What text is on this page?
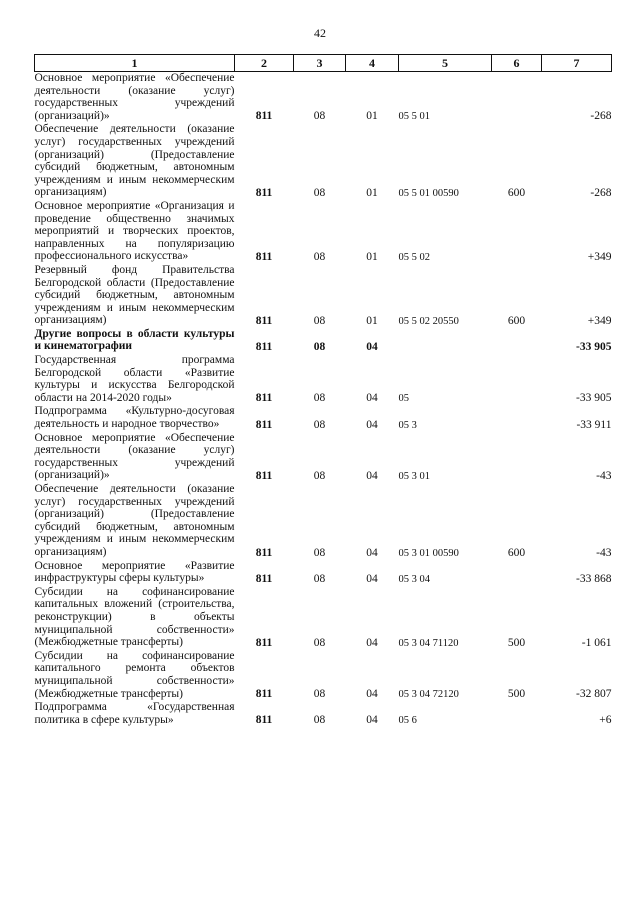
42
1	2	3	4	5	6	7
Основное мероприятие «Обеспечение деятельности (оказание услуг) государственных учреждений (организаций)»	811	08	01	05 5 01		-268
Обеспечение деятельности (оказание услуг) государственных учреждений (организаций) (Предоставление субсидий бюджетным, автономным учреждениям и иным некоммерческим организациям)	811	08	01	05 5 01 00590	600	-268
Основное мероприятие «Организация и проведение общественно значимых мероприятий и творческих проектов, направленных на популяризацию профессионального искусства»	811	08	01	05 5 02		+349
Резервный фонд Правительства Белгородской области (Предоставление субсидий бюджетным, автономным учреждениям и иным некоммерческим организациям)	811	08	01	05 5 02 20550	600	+349
Другие вопросы в области культуры и кинематографии	811	08	04			-33 905
Государственная программа Белгородской области «Развитие культуры и искусства Белгородской области на 2014-2020 годы»	811	08	04	05		-33 905
Подпрограмма «Культурно-досуговая деятельность и народное творчество»	811	08	04	05 3		-33 911
Основное мероприятие «Обеспечение деятельности (оказание услуг) государственных учреждений (организаций)»	811	08	04	05 3 01		-43
Обеспечение деятельности (оказание услуг) государственных учреждений (организаций) (Предоставление субсидий бюджетным, автономным учреждениям и иным некоммерческим организациям)	811	08	04	05 3 01 00590	600	-43
Основное мероприятие «Развитие инфраструктуры сферы культуры»	811	08	04	05 3 04		-33 868
Субсидии на софинансирование капитальных вложений (строительства, реконструкции) в объекты муниципальной собственности» (Межбюджетные трансферты)	811	08	04	05 3 04 71120	500	-1 061
Субсидии на софинансирование капитального ремонта объектов муниципальной собственности» (Межбюджетные трансферты)	811	08	04	05 3 04 72120	500	-32 807
Подпрограмма «Государственная политика в сфере культуры»	811	08	04	05 6		+6
